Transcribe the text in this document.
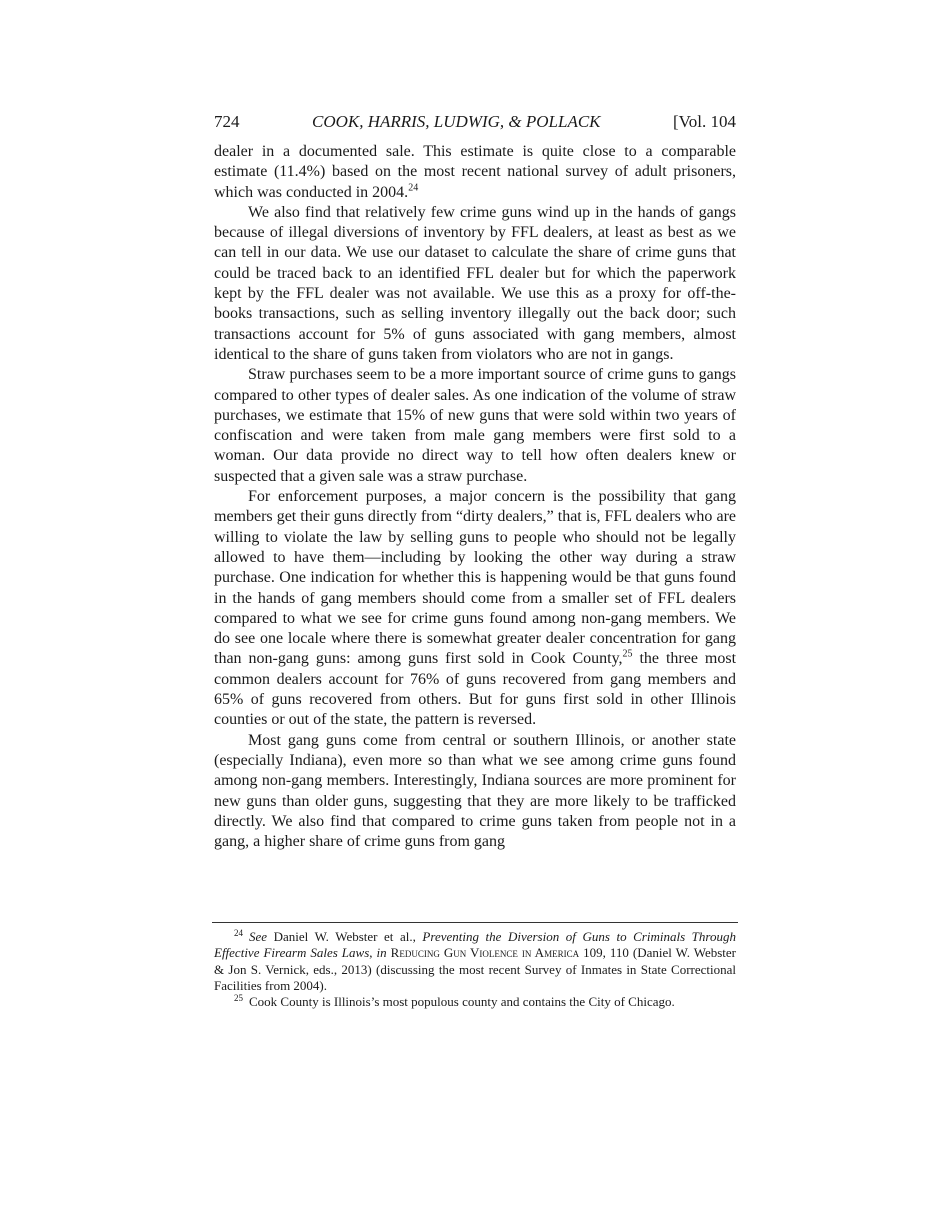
724	COOK, HARRIS, LUDWIG, & POLLACK	[Vol. 104

dealer in a documented sale. This estimate is quite close to a comparable estimate (11.4%) based on the most recent national survey of adult prisoners, which was conducted in 2004.24

We also find that relatively few crime guns wind up in the hands of gangs because of illegal diversions of inventory by FFL dealers, at least as best as we can tell in our data. We use our dataset to calculate the share of crime guns that could be traced back to an identified FFL dealer but for which the paperwork kept by the FFL dealer was not available. We use this as a proxy for off-the-books transactions, such as selling inventory illegally out the back door; such transactions account for 5% of guns associated with gang members, almost identical to the share of guns taken from violators who are not in gangs.

Straw purchases seem to be a more important source of crime guns to gangs compared to other types of dealer sales. As one indication of the volume of straw purchases, we estimate that 15% of new guns that were sold within two years of confiscation and were taken from male gang members were first sold to a woman. Our data provide no direct way to tell how often dealers knew or suspected that a given sale was a straw purchase.

For enforcement purposes, a major concern is the possibility that gang members get their guns directly from “dirty dealers,” that is, FFL dealers who are willing to violate the law by selling guns to people who should not be legally allowed to have them—including by looking the other way during a straw purchase. One indication for whether this is happening would be that guns found in the hands of gang members should come from a smaller set of FFL dealers compared to what we see for crime guns found among non-gang members. We do see one locale where there is somewhat greater dealer concentration for gang than non-gang guns: among guns first sold in Cook County,$^{25}$ the three most common dealers account for 76% of guns recovered from gang members and 65% of guns recovered from others. But for guns first sold in other Illinois counties or out of the state, the pattern is reversed.

Most gang guns come from central or southern Illinois, or another state (especially Indiana), even more so than what we see among crime guns found among non-gang members. Interestingly, Indiana sources are more prominent for new guns than older guns, suggesting that they are more likely to be trafficked directly. We also find that compared to crime guns taken from people not in a gang, a higher share of crime guns from gang

$^{24}$ See Daniel W. Webster et al., Preventing the Diversion of Guns to Criminals Through Effective Firearm Sales Laws, in Reducing Gun Violence in America 109, 110 (Daniel W. Webster & Jon S. Vernick, eds., 2013) (discussing the most recent Survey of Inmates in State Correctional Facilities from 2004).

$^{25}$ Cook County is Illinois’s most populous county and contains the City of Chicago.
